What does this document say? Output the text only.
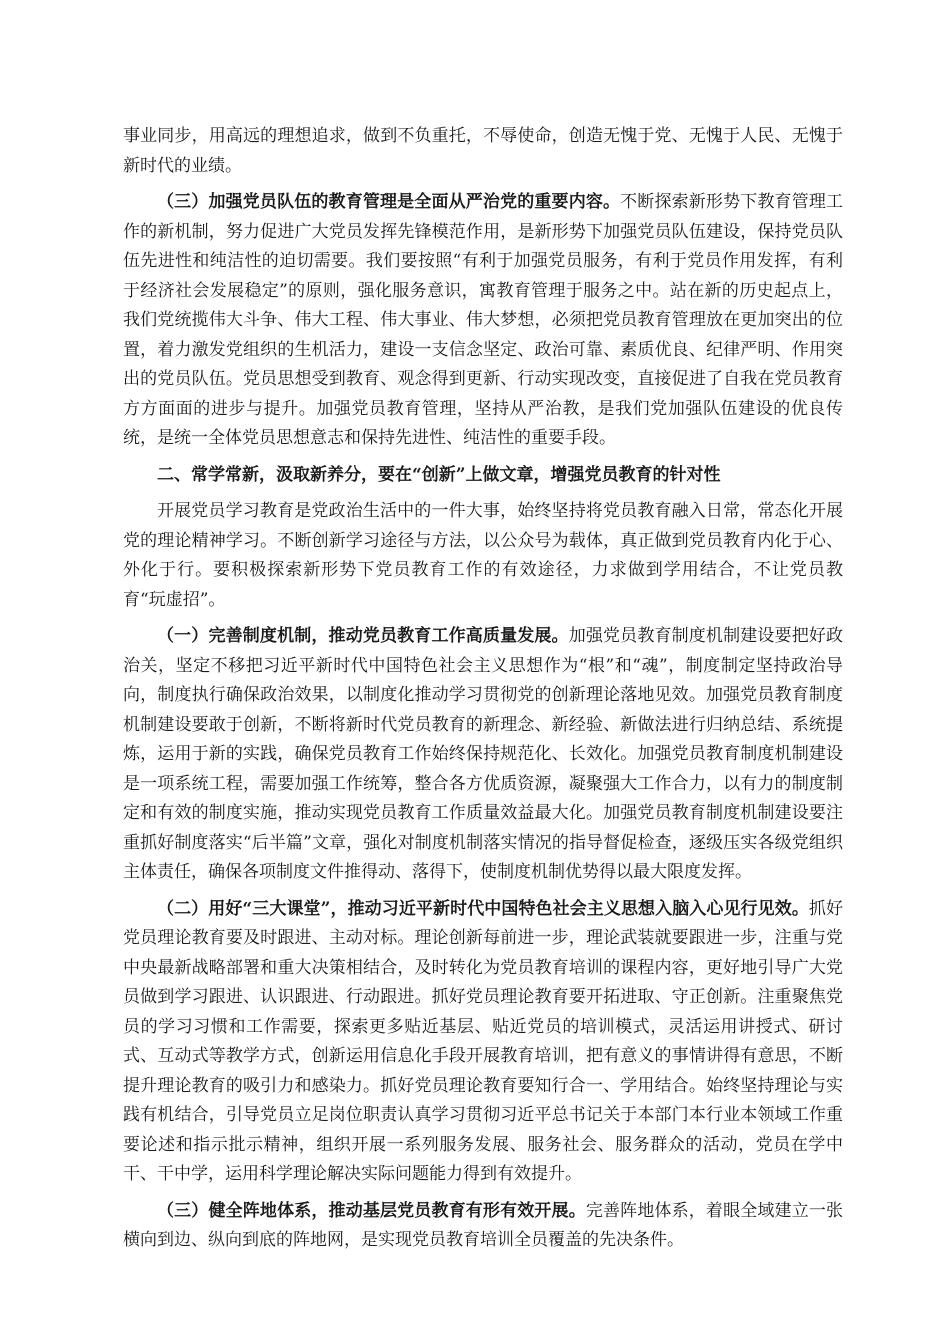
事业同步，用高远的理想追求，做到不负重托，不辱使命，创造无愧于党、无愧于人民、无愧于新时代的业绩。

（三）加强党员队伍的教育管理是全面从严治党的重要内容。不断探索新形势下教育管理工作的新机制，努力促进广大党员发挥先锋模范作用，是新形势下加强党员队伍建设，保持党员队伍先进性和纯洁性的迫切需要。我们要按照“有利于加强党员服务，有利于党员作用发挥，有利于经济社会发展稳定”的原则，强化服务意识，寓教育管理于服务之中。站在新的历史起点上，我们党统揽伟大斗争、伟大工程、伟大事业、伟大梦想，必须把党员教育管理放在更加突出的位置，着力激发党组织的生机活力，建设一支信念坚定、政治可靠、素质优良、纪律严明、作用突出的党员队伍。党员思想受到教育、观念得到更新、行动实现改变，直接促进了自我在党员教育方方面面的进步与提升。加强党员教育管理，坚持从严治教，是我们党加强队伍建设的优良传统，是统一全体党员思想意志和保持先进性、纯洁性的重要手段。

二、常学常新，汲取新养分，要在“创新”上做文章，增强党员教育的针对性

开展党员学习教育是党政治生活中的一件大事，始终坚持将党员教育融入日常，常态化开展党的理论精神学习。不断创新学习途径与方法，以公众号为载体，真正做到党员教育内化于心、外化于行。要积极探索新形势下党员教育工作的有效途径，力求做到学用结合，不让党员教育“玩虚招”。

（一）完善制度机制，推动党员教育工作高质量发展。加强党员教育制度机制建设要把好政治关，坚定不移把习近平新时代中国特色社会主义思想作为“根”和“魂”，制度制定坚持政治导向，制度执行确保政治效果，以制度化推动学习贯彻党的创新理论落地见效。加强党员教育制度机制建设要敢于创新，不断将新时代党员教育的新理念、新经验、新做法进行归纳总结、系统提炼，运用于新的实践，确保党员教育工作始终保持规范化、长效化。加强党员教育制度机制建设是一项系统工程，需要加强工作统筹，整合各方优质资源，凝聚强大工作合力，以有力的制度制定和有效的制度实施，推动实现党员教育工作质量效益最大化。加强党员教育制度机制建设要注重抓好制度落实“后半篇”文章，强化对制度机制落实情况的指导督促检查，逐级压实各级党组织主体责任，确保各项制度文件推得动、落得下，使制度机制优势得以最大限度发挥。

（二）用好“三大课堂”，推动习近平新时代中国特色社会主义思想入脑入心见行见效。抓好党员理论教育要及时跟进、主动对标。理论创新每前进一步，理论武装就要跟进一步，注重与党中央最新战略部署和重大决策相结合，及时转化为党员教育培训的课程内容，更好地引导广大党员做到学习跟进、认识跟进、行动跟进。抓好党员理论教育要开拓进取、守正创新。注重聚焦党员的学习习惯和工作需要，探索更多贴近基层、贴近党员的培训模式，灵活运用讲授式、研讨式、互动式等教学方式，创新运用信息化手段开展教育培训，把有意义的事情讲得有意思，不断提升理论教育的吸引力和感染力。抓好党员理论教育要知行合一、学用结合。始终坚持理论与实践有机结合，引导党员立足岗位职责认真学习贯彻习近平总书记关于本部门本行业本领域工作重要论述和指示批示精神，组织开展一系列服务发展、服务社会、服务群众的活动，党员在学中干、干中学，运用科学理论解决实际问题能力得到有效提升。

（三）健全阵地体系，推动基层党员教育有形有效开展。完善阵地体系，着眼全域建立一张横向到边、纵向到底的阵地网，是实现党员教育培训全员覆盖的先决条件。
